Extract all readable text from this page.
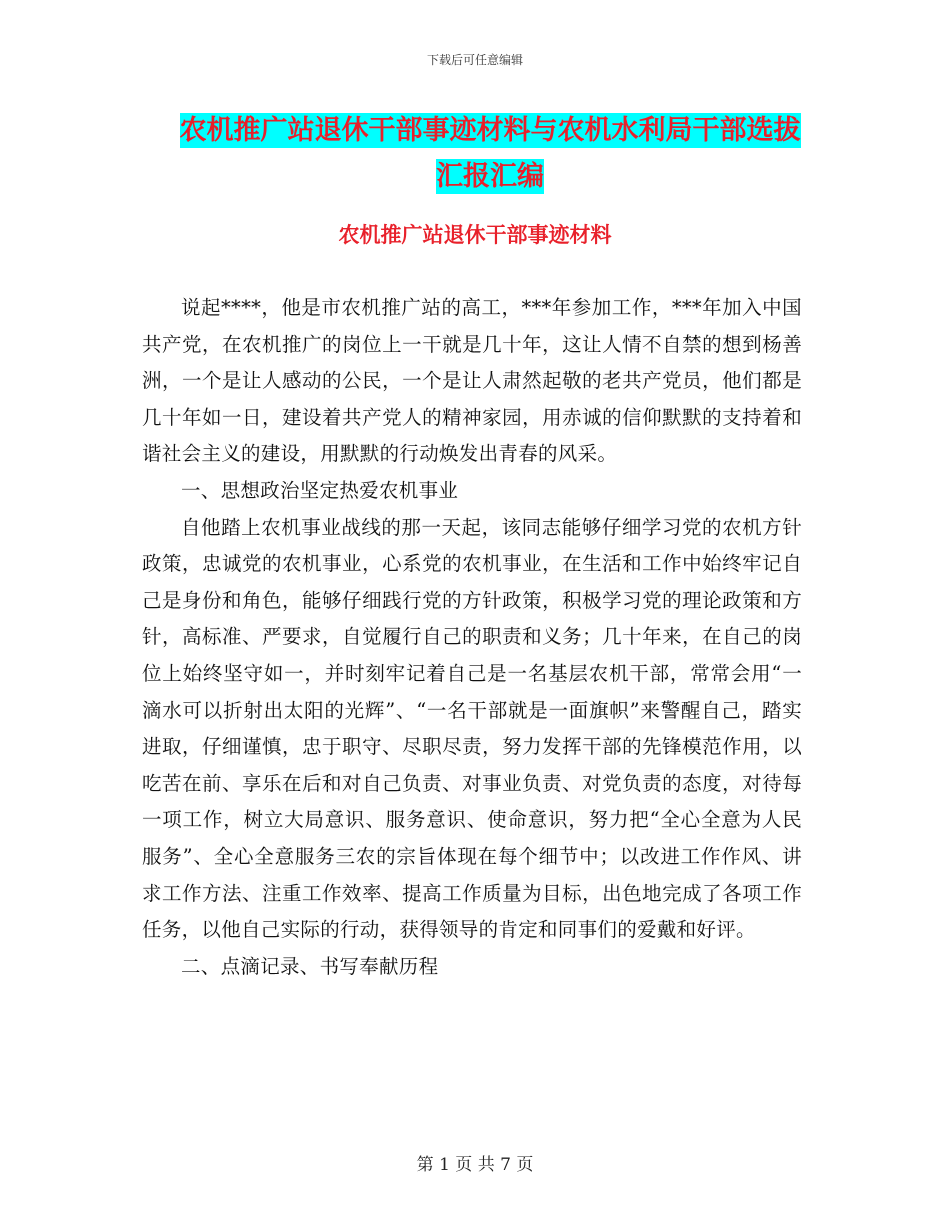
下载后可任意编辑
农机推广站退休干部事迹材料与农机水利局干部选拔
汇报汇编
农机推广站退休干部事迹材料

说起****，他是市农机推广站的高工，***年参加工作，***年加入中国共产党，在农机推广的岗位上一干就是几十年，这让人情不自禁的想到杨善洲，一个是让人感动的公民，一个是让人肃然起敬的老共产党员，他们都是几十年如一日，建设着共产党人的精神家园，用赤诚的信仰默默的支持着和谐社会主义的建设，用默默的行动焕发出青春的风采。

一、思想政治坚定热爱农机事业

自他踏上农机事业战线的那一天起，该同志能够仔细学习党的农机方针政策，忠诚党的农机事业，心系党的农机事业，在生活和工作中始终牢记自己是身份和角色，能够仔细践行党的方针政策，积极学习党的理论政策和方针，高标准、严要求，自觉履行自己的职责和义务；几十年来，在自己的岗位上始终坚守如一，并时刻牢记着自己是一名基层农机干部，常常会用“一滴水可以折射出太阳的光辉”、“一名干部就是一面旗帜”来警醒自己，踏实进取，仔细谨慎，忠于职守、尽职尽责，努力发挥干部的先锋模范作用，以吃苦在前、享乐在后和对自己负责、对事业负责、对党负责的态度，对待每一项工作，树立大局意识、服务意识、使命意识，努力把“全心全意为人民服务”、全心全意服务三农的宗旨体现在每个细节中；以改进工作作风、讲求工作方法、注重工作效率、提高工作质量为目标，出色地完成了各项工作任务，以他自己实际的行动，获得领导的肯定和同事们的爱戴和好评。

二、点滴记录、书写奉献历程

第 1 页 共 7 页
